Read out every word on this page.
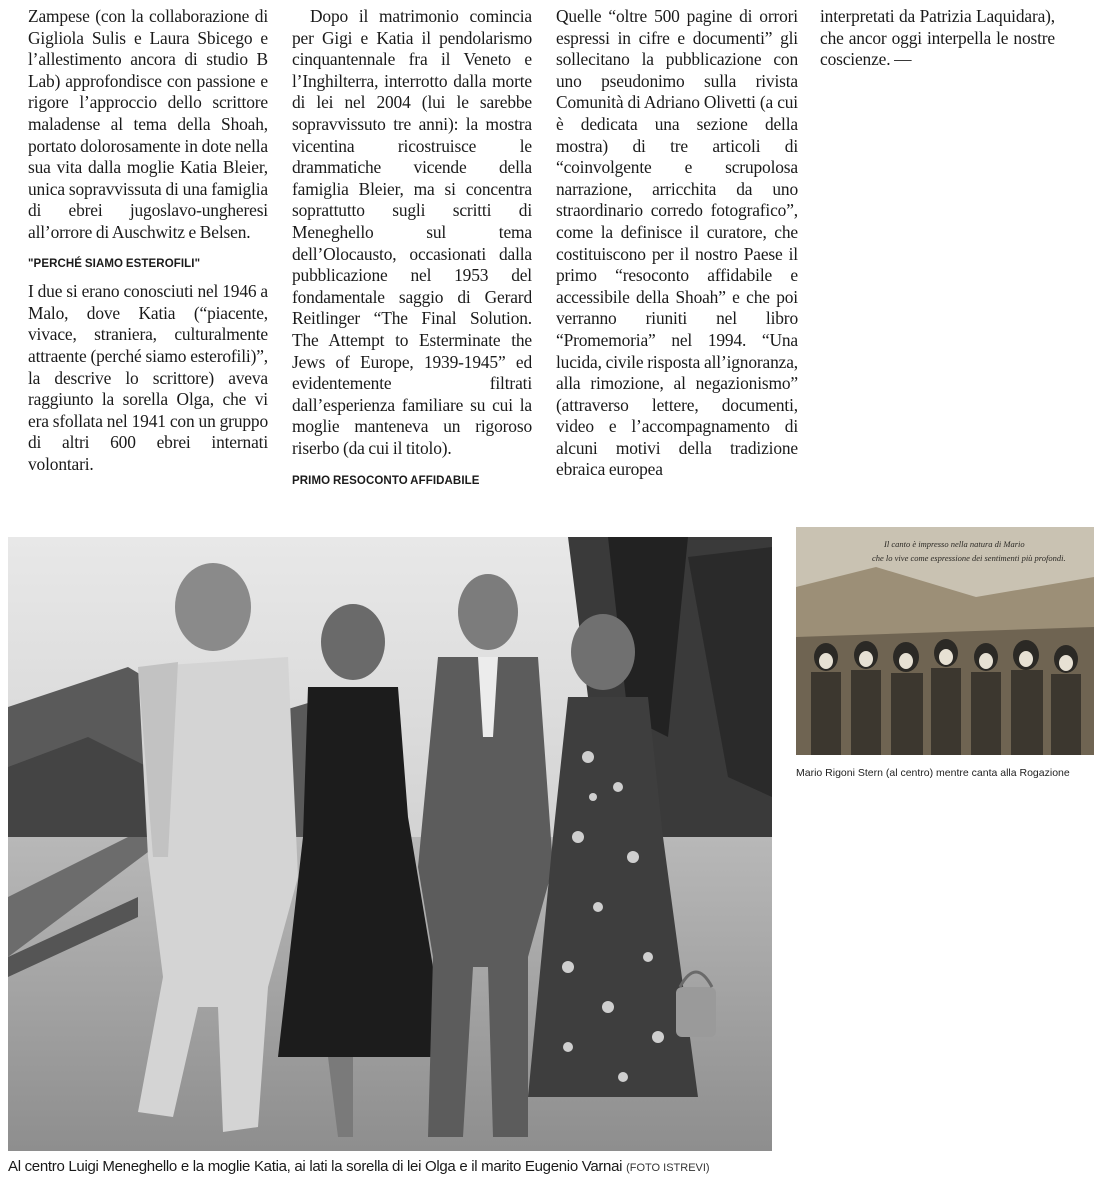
Zampese (con la collaborazione di Gigliola Sulis e Laura Sbicego e l’allestimento ancora di studio B Lab) approfondisce con passione e rigore l’approccio dello scrittore maladense al tema della Shoah, portato dolorosamente in dote nella sua vita dalla moglie Katia Bleier, unica sopravvissuta di una famiglia di ebrei jugoslavo-ungheresi all’orrore di Auschwitz e Belsen.

"PERCHÉ SIAMO ESTEROFILI"

I due si erano conosciuti nel 1946 a Malo, dove Katia (“piacente, vivace, straniera, culturalmente attraente (perché siamo esterofili)”, la descrive lo scrittore) aveva raggiunto la sorella Olga, che vi era sfollata nel 1941 con un gruppo di altri 600 ebrei internati volontari.

Dopo il matrimonio comincia per Gigi e Katia il pendolarismo cinquantennale fra il Veneto e l’Inghilterra, interrotto dalla morte di lei nel 2004 (lui le sarebbe sopravvissuto tre anni): la mostra vicentina ricostruisce le drammatiche vicende della famiglia Bleier, ma si concentra soprattutto sugli scritti di Meneghello sul tema dell’Olocausto, occasionati dalla pubblicazione nel 1953 del fondamentale saggio di Gerard Reitlinger “The Final Solution. The Attempt to Esterminate the Jews of Europe, 1939-1945” ed evidentemente filtrati dall’esperienza familiare su cui la moglie manteneva un rigoroso riserbo (da cui il titolo).

PRIMO RESOCONTO AFFIDABILE

Quelle “oltre 500 pagine di orrori espressi in cifre e documenti” gli sollecitano la pubblicazione con uno pseudonimo sulla rivista Comunità di Adriano Olivetti (a cui è dedicata una sezione della mostra) di tre articoli di “coinvolgente e scrupolosa narrazione, arricchita da uno straordinario corredo fotografico”, come la definisce il curatore, che costituiscono per il nostro Paese il primo “resoconto affidabile e accessibile della Shoah” e che poi verranno riuniti nel libro “Promemoria” nel 1994. “Una lucida, civile risposta all’ignoranza, alla rimozione, al negazionismo” (attraverso lettere, documenti, video e l’accompagnamento di alcuni motivi della tradizione ebraica europea

interpretati da Patrizia Laquidara), che ancor oggi interpella le nostre coscienze. —

Al centro Luigi Meneghello e la moglie Katia, ai lati la sorella di lei Olga e il marito Eugenio Varnai (FOTO ISTREVI)
Il canto è impresso nella natura di Mario
che lo vive come espressione dei sentimenti più profondi.
Mario Rigoni Stern (al centro) mentre canta alla Rogazione
